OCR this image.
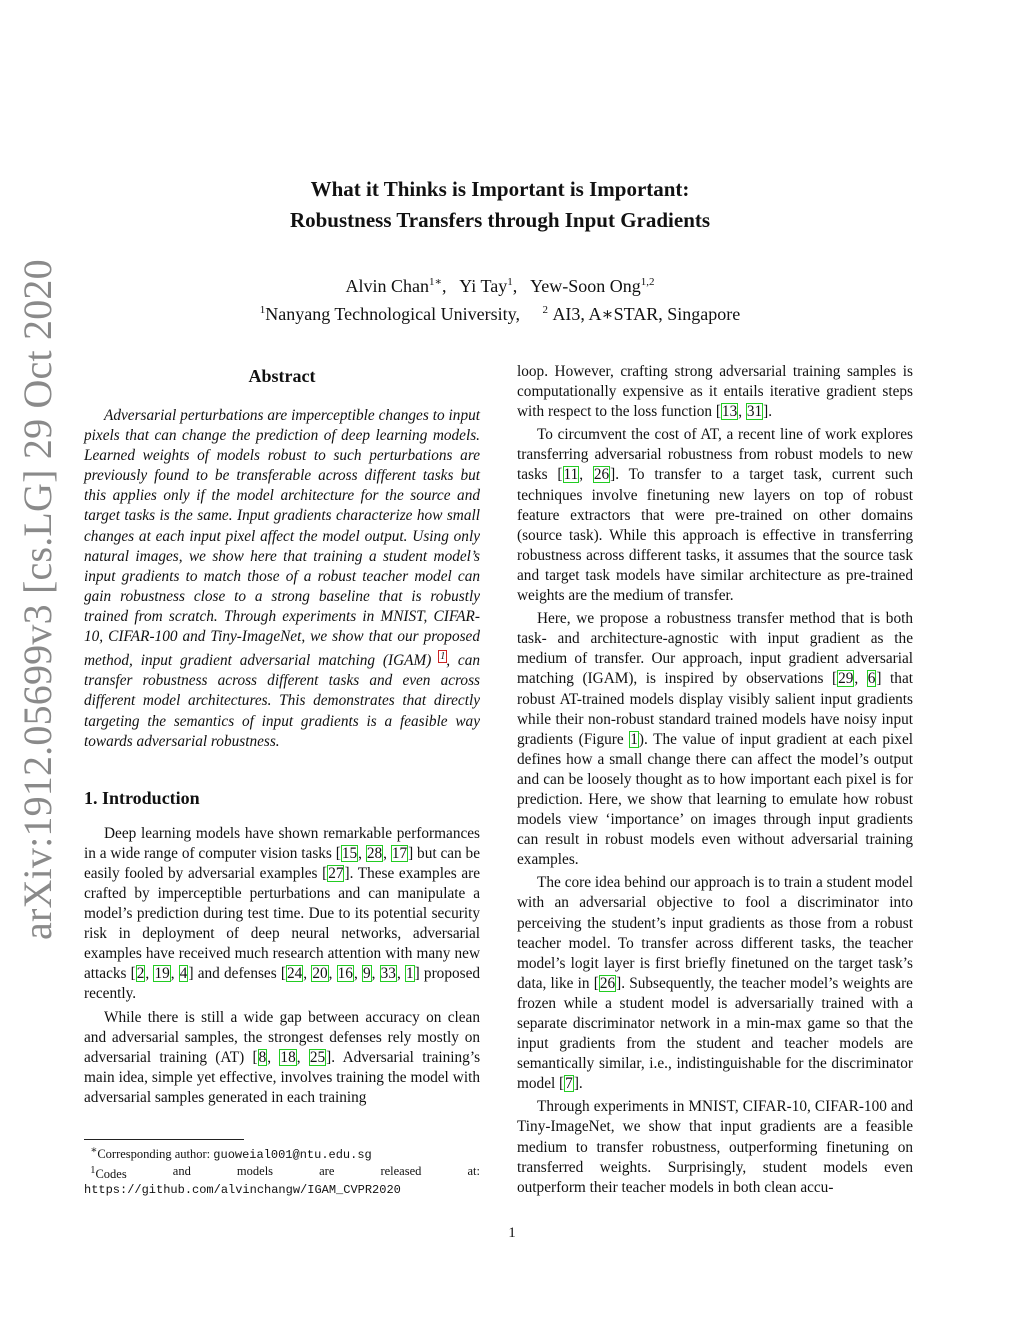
arXiv:1912.05699v3 [cs.LG] 29 Oct 2020
What it Thinks is Important is Important:
Robustness Transfers through Input Gradients
Alvin Chan$^{1∗}$,   Yi Tay$^1$,   Yew-Soon Ong$^{1,2}$
$^1$Nanyang Technological University, $^2$ AI3, A∗STAR, Singapore
Abstract

Adversarial perturbations are imperceptible changes to input pixels that can change the prediction of deep learning models. Learned weights of models robust to such perturbations are previously found to be transferable across different tasks but this applies only if the model architecture for the source and target tasks is the same. Input gradients characterize how small changes at each input pixel affect the model output. Using only natural images, we show here that training a student model’s input gradients to match those of a robust teacher model can gain robustness close to a strong baseline that is robustly trained from scratch. Through experiments in MNIST, CIFAR-10, CIFAR-100 and Tiny-ImageNet, we show that our proposed method, input gradient adversarial matching (IGAM) $^1$, can transfer robustness across different tasks and even across different model architectures. This demonstrates that directly targeting the semantics of input gradients is a feasible way towards adversarial robustness.

1. Introduction

Deep learning models have shown remarkable performances in a wide range of computer vision tasks [15, 28, 17] but can be easily fooled by adversarial examples [27]. These examples are crafted by imperceptible perturbations and can manipulate a model’s prediction during test time. Due to its potential security risk in deployment of deep neural networks, adversarial examples have received much research attention with many new attacks [2, 19, 4] and defenses [24, 20, 16, 9, 33, 1] proposed recently.

While there is still a wide gap between accuracy on clean and adversarial samples, the strongest defenses rely mostly on adversarial training (AT) [8, 18, 25]. Adversarial training’s main idea, simple yet effective, involves training the model with adversarial samples generated in each training

loop. However, crafting strong adversarial training samples is computationally expensive as it entails iterative gradient steps with respect to the loss function [13, 31].

To circumvent the cost of AT, a recent line of work explores transferring adversarial robustness from robust models to new tasks [11, 26]. To transfer to a target task, current such techniques involve finetuning new layers on top of robust feature extractors that were pre-trained on other domains (source task). While this approach is effective in transferring robustness across different tasks, it assumes that the source task and target task models have similar architecture as pre-trained weights are the medium of transfer.

Here, we propose a robustness transfer method that is both task- and architecture-agnostic with input gradient as the medium of transfer. Our approach, input gradient adversarial matching (IGAM), is inspired by observations [29, 6] that robust AT-trained models display visibly salient input gradients while their non-robust standard trained models have noisy input gradients (Figure 1). The value of input gradient at each pixel defines how a small change there can affect the model’s output and can be loosely thought as to how important each pixel is for prediction. Here, we show that learning to emulate how robust models view ‘importance’ on images through input gradients can result in robust models even without adversarial training examples.

The core idea behind our approach is to train a student model with an adversarial objective to fool a discriminator into perceiving the student’s input gradients as those from a robust teacher model. To transfer across different tasks, the teacher model’s logit layer is first briefly finetuned on the target task’s data, like in [26]. Subsequently, the teacher model’s weights are frozen while a student model is adversarially trained with a separate discriminator network in a min-max game so that the input gradients from the student and teacher models are semantically similar, i.e., indistinguishable for the discriminator model [7].

Through experiments in MNIST, CIFAR-10, CIFAR-100 and Tiny-ImageNet, we show that input gradients are a feasible medium to transfer robustness, outperforming finetuning on transferred weights. Surprisingly, student models even outperform their teacher models in both clean accu-

∗Corresponding author: guoweial001@ntu.edu.sg
$^1$Codes	and	models	are	released	at:
https://github.com/alvinchangw/IGAM_CVPR2020
1
